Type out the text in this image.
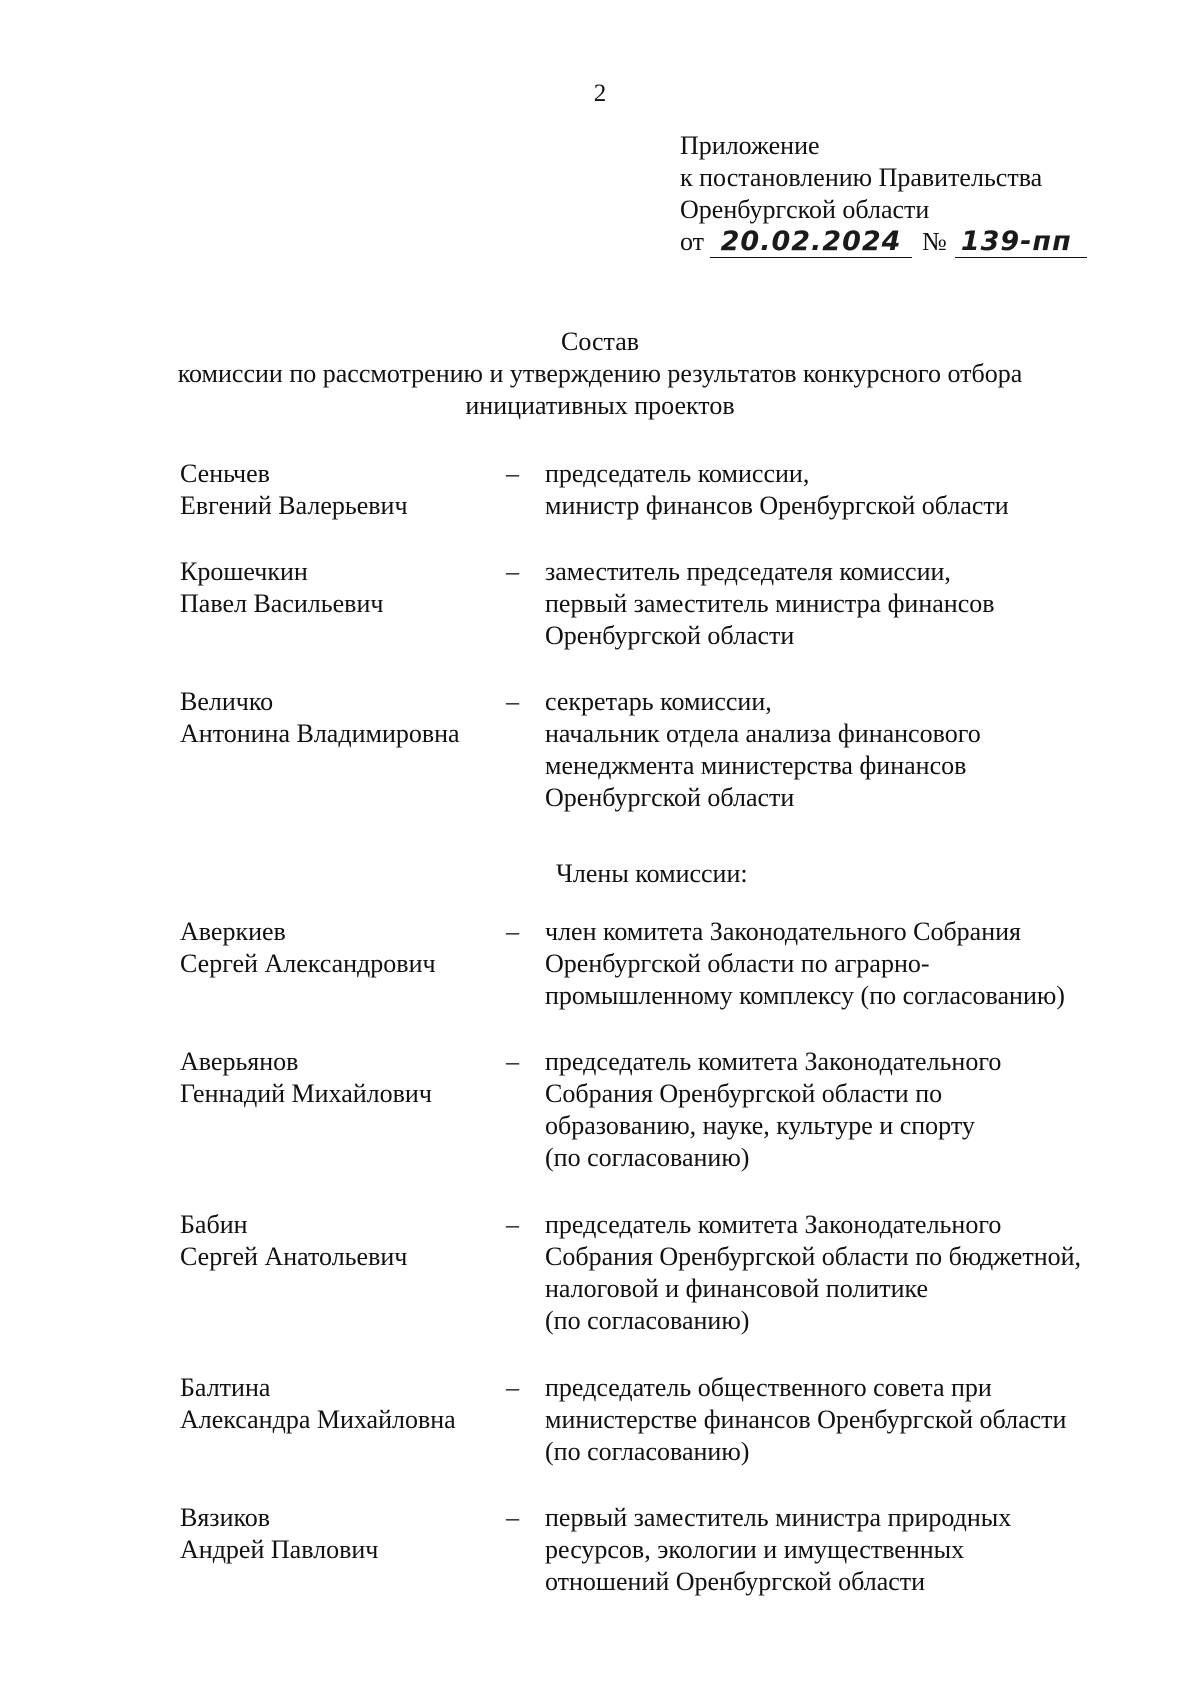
2
Приложение
к постановлению Правительства
Оренбургской области
от 20.02.2024 № 139-пп
Состав
комиссии по рассмотрению и утверждению результатов конкурсного отбора
инициативных проектов
Сеньчев
Евгений Валерьевич
– председатель комиссии,
министр финансов Оренбургской области
Крошечкин
Павел Васильевич
– заместитель председателя комиссии,
первый заместитель министра финансов
Оренбургской области
Величко
Антонина Владимировна
– секретарь комиссии,
начальник отдела анализа финансового
менеджмента министерства финансов
Оренбургской области
Члены комиссии:
Аверкиев
Сергей Александрович
– член комитета Законодательного Собрания
Оренбургской области по аграрно-
промышленному комплексу (по согласованию)
Аверьянов
Геннадий Михайлович
– председатель комитета Законодательного
Собрания Оренбургской области по
образованию, науке, культуре и спорту
(по согласованию)
Бабин
Сергей Анатольевич
– председатель комитета Законодательного
Собрания Оренбургской области по бюджетной,
налоговой и финансовой политике
(по согласованию)
Балтина
Александра Михайловна
– председатель общественного совета при
министерстве финансов Оренбургской области
(по согласованию)
Вязиков
Андрей Павлович
– первый заместитель министра природных
ресурсов, экологии и имущественных
отношений Оренбургской области
